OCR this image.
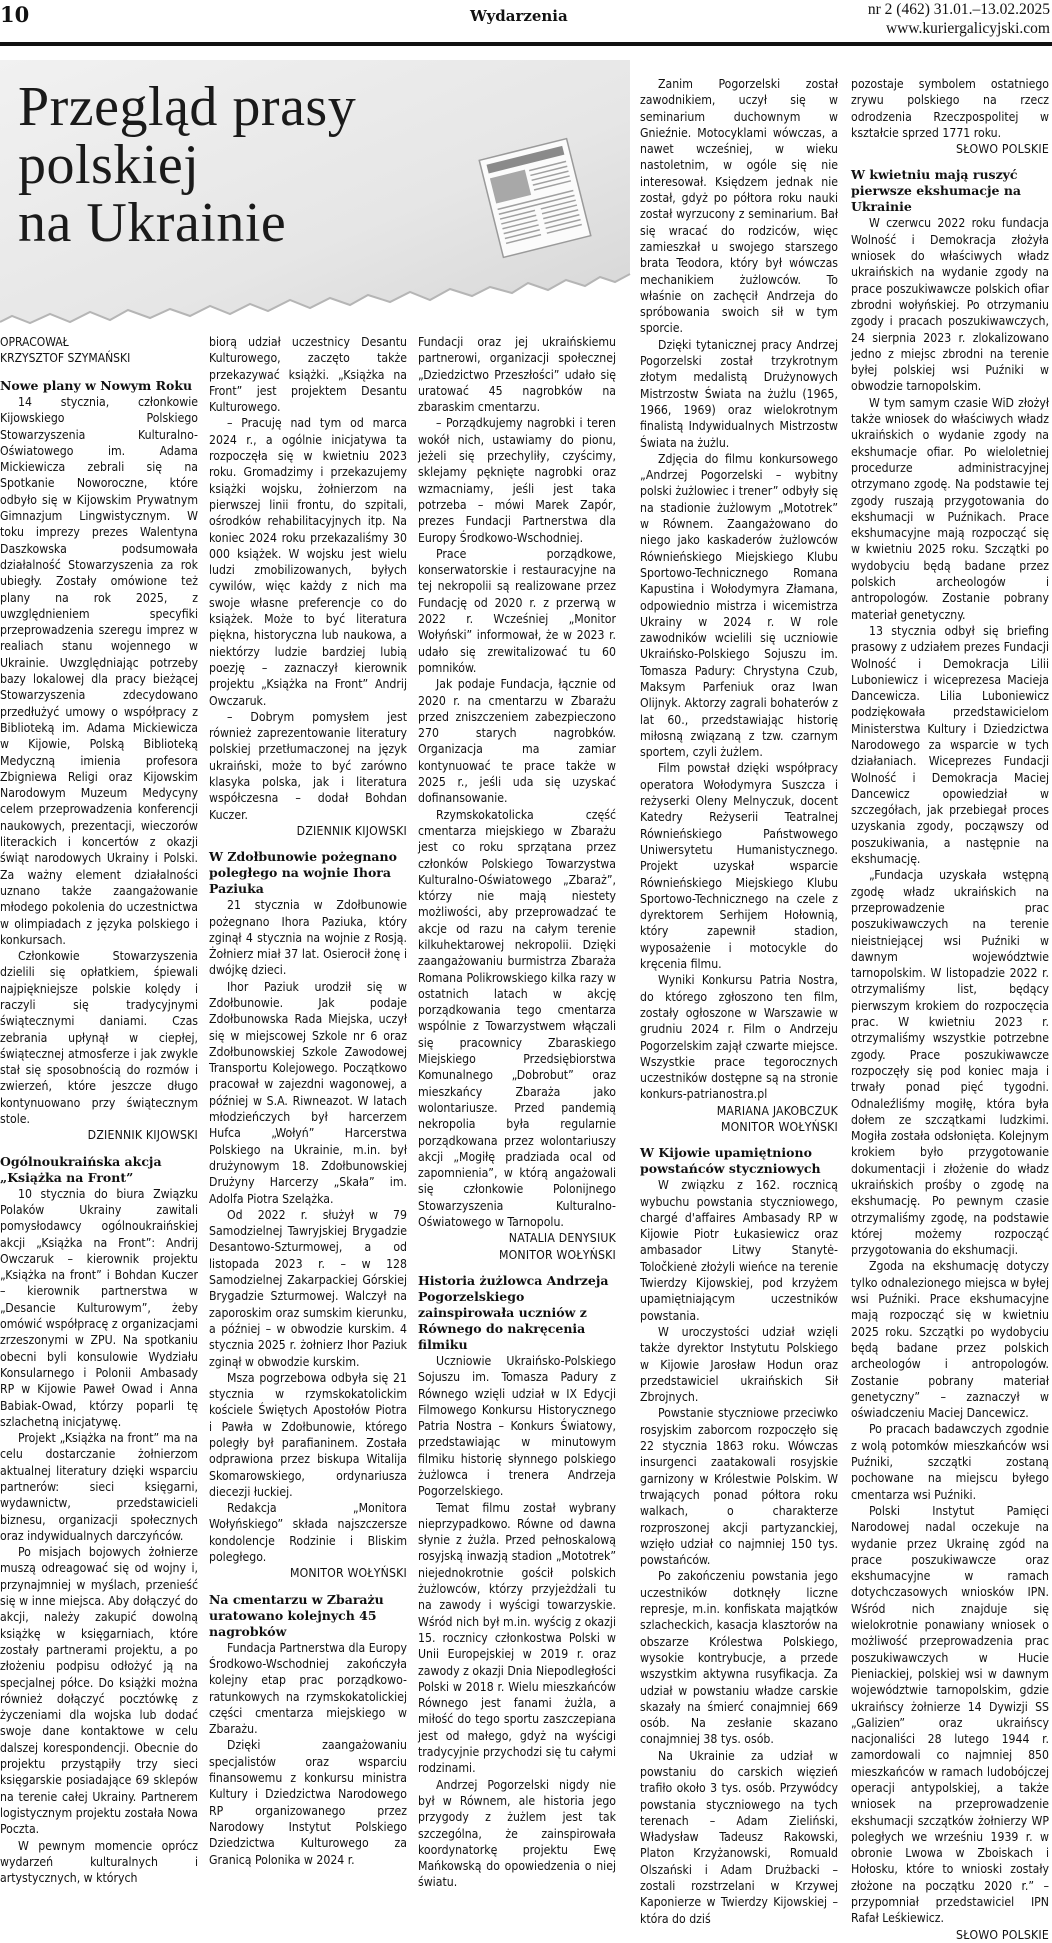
10	Wydarzenia	nr 2 (462) 31.01.–13.02.2025
www.kuriergalicyjski.com
Przegląd prasy
polskiej
na Ukrainie
OPRACOWAŁ
KRZYSZTOF SZYMAŃSKI
Nowe plany w Nowym Roku

14 stycznia, członkowie Kijowskiego Polskiego Stowarzyszenia Kulturalno-Oświatowego im. Adama Mickiewicza zebrali się na Spotkanie Noworoczne, które odbyło się w Kijowskim Prywatnym Gimnazjum Lingwistycznym. W toku imprezy prezes Walentyna Daszkowska podsumowała działalność Stowarzyszenia za rok ubiegły. Zostały omówione też plany na rok 2025, z uwzględnieniem specyfiki przeprowadzenia szeregu imprez w realiach stanu wojennego w Ukrainie. Uwzględniając potrzeby bazy lokalowej dla pracy bieżącej Stowarzyszenia zdecydowano przedłużyć umowy o współpracy z Biblioteką im. Adama Mickiewicza w Kijowie, Polską Biblioteką Medyczną imienia profesora Zbigniewa Religi oraz Kijowskim Narodowym Muzeum Medycyny celem przeprowadzenia konferencji naukowych, prezentacji, wieczorów literackich i koncertów z okazji świąt narodowych Ukrainy i Polski. Za ważny element działalności uznano także zaangażowanie młodego pokolenia do uczestnictwa w olimpiadach z języka polskiego i konkursach.

Członkowie Stowarzyszenia dzielili się opłatkiem, śpiewali najpiękniejsze polskie kolędy i raczyli się tradycyjnymi świątecznymi daniami. Czas zebrania upłynął w ciepłej, świątecznej atmosferze i jak zwykle stał się sposobnością do rozmów i zwierzeń, które jeszcze długo kontynuowano przy świątecznym stole.

DZIENNIK KIJOWSKI

Ogólnoukraińska akcja
„Książka na Front”

10 stycznia do biura Związku Polaków Ukrainy zawitali pomysłodawcy ogólnoukraińskiej akcji „Książka na Front”: Andrij Owczaruk – kierownik projektu „Książka na front” i Bohdan Kuczer – kierownik partnerstwa w „Desancie Kulturowym”, żeby omówić współpracę z organizacjami zrzeszonymi w ZPU. Na spotkaniu obecni byli konsulowie Wydziału Konsularnego i Polonii Ambasady RP w Kijowie Paweł Owad i Anna Babiak-Owad, którzy poparli tę szlachetną inicjatywę.

Projekt „Książka na front” ma na celu dostarczanie żołnierzom aktualnej literatury dzięki wsparciu partnerów: sieci księgarni, wydawnictw, przedstawicieli biznesu, organizacji społecznych oraz indywidualnych darczyńców.

Po misjach bojowych żołnierze muszą odreagować się od wojny i, przynajmniej w myślach, przenieść się w inne miejsca. Aby dołączyć do akcji, należy zakupić dowolną książkę w księgarniach, które zostały partnerami projektu, a po złożeniu podpisu odłożyć ją na specjalnej półce. Do książki można również dołączyć pocztówkę z życzeniami dla wojska lub dodać swoje dane kontaktowe w celu dalszej korespondencji. Obecnie do projektu przystąpiły trzy sieci księgarskie posiadające 69 sklepów na terenie całej Ukrainy. Partnerem logistycznym projektu została Nowa Poczta.

W pewnym momencie oprócz wydarzeń kulturalnych i artystycznych, w których

biorą udział uczestnicy Desantu Kulturowego, zaczęto także przekazywać książki. „Książka na Front” jest projektem Desantu Kulturowego.

– Pracuję nad tym od marca 2024 r., a ogólnie inicjatywa ta rozpoczęła się w kwietniu 2023 roku. Gromadzimy i przekazujemy książki wojsku, żołnierzom na pierwszej linii frontu, do szpitali, ośrodków rehabilitacyjnych itp. Na koniec 2024 roku przekazaliśmy 30 000 książek. W wojsku jest wielu ludzi zmobilizowanych, byłych cywilów, więc każdy z nich ma swoje własne preferencje co do książek. Może to być literatura piękna, historyczna lub naukowa, a niektórzy ludzie bardziej lubią poezję – zaznaczył kierownik projektu „Książka na Front” Andrij Owczaruk.

– Dobrym pomysłem jest również zaprezentowanie literatury polskiej przetłumaczonej na język ukraiński, może to być zarówno klasyka polska, jak i literatura współczesna – dodał Bohdan Kuczer.

DZIENNIK KIJOWSKI

W Zdołbunowie pożegnano poległego na wojnie Ihora Paziuka

21 stycznia w Zdołbunowie pożegnano Ihora Paziuka, który zginął 4 stycznia na wojnie z Rosją. Żołnierz miał 37 lat. Osierocił żonę i dwójkę dzieci.

Ihor Paziuk urodził się w Zdołbunowie. Jak podaje Zdołbunowska Rada Miejska, uczył się w miejscowej Szkole nr 6 oraz Zdołbunowskiej Szkole Zawodowej Transportu Kolejowego. Początkowo pracował w zajezdni wagonowej, a później w S.A. Riwneazot. W latach młodzieńczych był harcerzem Hufca „Wołyń” Harcerstwa Polskiego na Ukrainie, m.in. był drużynowym 18. Zdołbunowskiej Drużyny Harcerzy „Skała” im. Adolfa Piotra Szelążka.

Od 2022 r. służył w 79 Samodzielnej Tawryjskiej Brygadzie Desantowo-Szturmowej, a od listopada 2023 r. – w 128 Samodzielnej Zakarpackiej Górskiej Brygadzie Szturmowej. Walczył na zaporoskim oraz sumskim kierunku, a później – w obwodzie kurskim. 4 stycznia 2025 r. żołnierz Ihor Paziuk zginął w obwodzie kurskim.

Msza pogrzebowa odbyła się 21 stycznia w rzymskokatolickim kościele Świętych Apostołów Piotra i Pawła w Zdołbunowie, którego poległy był parafianinem. Została odprawiona przez biskupa Witalija Skomarowskiego, ordynariusza diecezji łuckiej.

Redakcja „Monitora Wołyńskiego” składa najszczersze kondolencje Rodzinie i Bliskim poległego.

MONITOR WOŁYŃSKI

Na cmentarzu w Zbarażu uratowano kolejnych 45 nagrobków

Fundacja Partnerstwa dla Europy Środkowo-Wschodniej zakończyła kolejny etap prac porządkowo-ratunkowych na rzymskokatolickiej części cmentarza miejskiego w Zbarażu.

Dzięki zaangażowaniu specjalistów oraz wsparciu finansowemu z konkursu ministra Kultury i Dziedzictwa Narodowego RP organizowanego przez Narodowy Instytut Polskiego Dziedzictwa Kulturowego za Granicą Polonika w 2024 r.

Fundacji oraz jej ukraińskiemu partnerowi, organizacji społecznej „Dziedzictwo Przeszłości” udało się uratować 45 nagrobków na zbaraskim cmentarzu.

– Porządkujemy nagrobki i teren wokół nich, ustawiamy do pionu, jeżeli się przechyliły, czyścimy, sklejamy pęknięte nagrobki oraz wzmacniamy, jeśli jest taka potrzeba – mówi Marek Zapór, prezes Fundacji Partnerstwa dla Europy Środkowo-Wschodniej.

Prace porządkowe, konserwatorskie i restauracyjne na tej nekropolii są realizowane przez Fundację od 2020 r. z przerwą w 2022 r. Wcześniej „Monitor Wołyński” informował, że w 2023 r. udało się zrewitalizować tu 60 pomników.

Jak podaje Fundacja, łącznie od 2020 r. na cmentarzu w Zbarażu przed zniszczeniem zabezpieczono 270 starych nagrobków. Organizacja ma zamiar kontynuować te prace także w 2025 r., jeśli uda się uzyskać dofinansowanie.

Rzymskokatolicka część cmentarza miejskiego w Zbarażu jest co roku sprzątana przez członków Polskiego Towarzystwa Kulturalno-Oświatowego „Zbaraż”, którzy nie mają niestety możliwości, aby przeprowadzać te akcje od razu na całym terenie kilkuhektarowej nekropolii. Dzięki zaangażowaniu burmistrza Zbaraża Romana Polikrowskiego kilka razy w ostatnich latach w akcję porządkowania tego cmentarza wspólnie z Towarzystwem włączali się pracownicy Zbaraskiego Miejskiego Przedsiębiorstwa Komunalnego „Dobrobut” oraz mieszkańcy Zbaraża jako wolontariusze. Przed pandemią nekropolia była regularnie porządkowana przez wolontariuszy akcji „Mogiłę pradziada ocal od zapomnienia”, w którą angażowali się członkowie Polonijnego Stowarzyszenia Kulturalno-Oświatowego w Tarnopolu.

NATALIA DENYSIUK

MONITOR WOŁYŃSKI

Historia żużlowca Andrzeja Pogorzelskiego zainspirowała uczniów z Równego do nakręcenia filmiku

Uczniowie Ukraińsko-Polskiego Sojuszu im. Tomasza Padury z Równego wzięli udział w IX Edycji Filmowego Konkursu Historycznego Patria Nostra – Konkurs Światowy, przedstawiając w minutowym filmiku historię słynnego polskiego żużlowca i trenera Andrzeja Pogorzelskiego.

Temat filmu został wybrany nieprzypadkowo. Równe od dawna słynie z żużla. Przed pełnoskalową rosyjską inwazją stadion „Mototrek” niejednokrotnie gościł polskich żużlowców, którzy przyjeżdżali tu na zawody i wyścigi towarzyskie. Wśród nich był m.in. wyścig z okazji 15. rocznicy członkostwa Polski w Unii Europejskiej w 2019 r. oraz zawody z okazji Dnia Niepodległości Polski w 2018 r. Wielu mieszkańców Równego jest fanami żużla, a miłość do tego sportu zaszczepiana jest od małego, gdyż na wyścigi tradycyjnie przychodzi się tu całymi rodzinami.

Andrzej Pogorzelski nigdy nie był w Równem, ale historia jego przygody z żużlem jest tak szczególna, że zainspirowała koordynatorkę projektu Ewę Mańkowską do opowiedzenia o niej światu.

Zanim Pogorzelski został zawodnikiem, uczył się w seminarium duchownym w Gnieźnie. Motocyklami wówczas, a nawet wcześniej, w wieku nastoletnim, w ogóle się nie interesował. Księdzem jednak nie został, gdyż po półtora roku nauki został wyrzucony z seminarium. Bał się wracać do rodziców, więc zamieszkał u swojego starszego brata Teodora, który był wówczas mechanikiem żużlowców. To właśnie on zachęcił Andrzeja do spróbowania swoich sił w tym sporcie.

Dzięki tytanicznej pracy Andrzej Pogorzelski został trzykrotnym złotym medalistą Drużynowych Mistrzostw Świata na żużlu (1965, 1966, 1969) oraz wielokrotnym finalistą Indywidualnych Mistrzostw Świata na żużlu.

Zdjęcia do filmu konkursowego „Andrzej Pogorzelski – wybitny polski żużlowiec i trener” odbyły się na stadionie żużlowym „Mototrek” w Równem. Zaangażowano do niego jako kaskaderów żużlowców Równieńskiego Miejskiego Klubu Sportowo-Technicznego Romana Kapustina i Wołodymyra Złamana, odpowiednio mistrza i wicemistrza Ukrainy w 2024 r. W role zawodników wcielili się uczniowie Ukraińsko-Polskiego Sojuszu im. Tomasza Padury: Chrystyna Czub, Maksym Parfeniuk oraz Iwan Olijnyk. Aktorzy zagrali bohaterów z lat 60., przedstawiając historię miłosną związaną z tzw. czarnym sportem, czyli żużlem.

Film powstał dzięki współpracy operatora Wołodymyra Suszcza i reżyserki Oleny Melnyczuk, docent Katedry Reżyserii Teatralnej Równieńskiego Państwowego Uniwersytetu Humanistycznego. Projekt uzyskał wsparcie Równieńskiego Miejskiego Klubu Sportowo-Technicznego na czele z dyrektorem Serhijem Hołownią, który zapewnił stadion, wyposażenie i motocykle do kręcenia filmu.

Wyniki Konkursu Patria Nostra, do którego zgłoszono ten film, zostały ogłoszone w Warszawie w grudniu 2024 r. Film o Andrzeju Pogorzelskim zajął czwarte miejsce. Wszystkie prace tegorocznych uczestników dostępne są na stronie konkurs-patrianostra.pl

MARIANA JAKOBCZUK

MONITOR WOŁYŃSKI

W Kijowie upamiętniono powstańców styczniowych

W związku z 162. rocznicą wybuchu powstania styczniowego, chargé d'affaires Ambasady RP w Kijowie Piotr Łukasiewicz oraz ambasador Litwy Stanytė-Toločkienė złożyli wieńce na terenie Twierdzy Kijowskiej, pod krzyżem upamiętniającym uczestników powstania.

W uroczystości udział wzięli także dyrektor Instytutu Polskiego w Kijowie Jarosław Hodun oraz przedstawiciel ukraińskich Sił Zbrojnych.

Powstanie styczniowe przeciwko rosyjskim zaborcom rozpoczęło się 22 stycznia 1863 roku. Wówczas insurgenci zaatakowali rosyjskie garnizony w Królestwie Polskim. W trwających ponad półtora roku walkach, o charakterze rozproszonej akcji partyzanckiej, wzięło udział co najmniej 150 tys. powstańców.

Po zakończeniu powstania jego uczestników dotknęły liczne represje, m.in. konfiskata majątków szlacheckich, kasacja klasztorów na obszarze Królestwa Polskiego, wysokie kontrybucje, a przede wszystkim aktywna rusyfikacja. Za udział w powstaniu władze carskie skazały na śmierć conajmniej 669 osób. Na zesłanie skazano conajmniej 38 tys. osób.

Na Ukrainie za udział w powstaniu do carskich więzień trafiło około 3 tys. osób. Przywódcy powstania styczniowego na tych terenach – Adam Zieliński, Władysław Tadeusz Rakowski, Platon Krzyżanowski, Romuald Olszański i Adam Drużbacki – zostali rozstrzelani w Krzywej Kaponierze w Twierdzy Kijowskiej – która do dziś

pozostaje symbolem ostatniego zrywu polskiego na rzecz odrodzenia Rzeczpospolitej w kształcie sprzed 1771 roku.

SŁOWO POLSKIE

W kwietniu mają ruszyć pierwsze ekshumacje na Ukrainie

W czerwcu 2022 roku fundacja Wolność i Demokracja złożyła wniosek do właściwych władz ukraińskich na wydanie zgody na prace poszukiwawcze polskich ofiar zbrodni wołyńskiej. Po otrzymaniu zgody i pracach poszukiwawczych, 24 sierpnia 2023 r. zlokalizowano jedno z miejsc zbrodni na terenie byłej polskiej wsi Puźniki w obwodzie tarnopolskim.

W tym samym czasie WiD złożył także wniosek do właściwych władz ukraińskich o wydanie zgody na ekshumacje ofiar. Po wieloletniej procedurze administracyjnej otrzymano zgodę. Na podstawie tej zgody ruszają przygotowania do ekshumacji w Puźnikach. Prace ekshumacyjne mają rozpocząć się w kwietniu 2025 roku. Szczątki po wydobyciu będą badane przez polskich archeologów i antropologów. Zostanie pobrany materiał genetyczny.

13 stycznia odbył się briefing prasowy z udziałem prezes Fundacji Wolność i Demokracja Lilii Luboniewicz i wiceprezesa Macieja Dancewicza. Lilia Luboniewicz podziękowała przedstawicielom Ministerstwa Kultury i Dziedzictwa Narodowego za wsparcie w tych działaniach. Wiceprezes Fundacji Wolność i Demokracja Maciej Dancewicz opowiedział w szczegółach, jak przebiegał proces uzyskania zgody, począwszy od poszukiwania, a następnie na ekshumację.

„Fundacja uzyskała wstępną zgodę władz ukraińskich na przeprowadzenie prac poszukiwawczych na terenie nieistniejącej wsi Puźniki w dawnym województwie tarnopolskim. W listopadzie 2022 r. otrzymaliśmy list, będący pierwszym krokiem do rozpoczęcia prac. W kwietniu 2023 r. otrzymaliśmy wszystkie potrzebne zgody. Prace poszukiwawcze rozpoczęły się pod koniec maja i trwały ponad pięć tygodni. Odnaleźliśmy mogiłę, która była dołem ze szczątkami ludzkimi. Mogiła została odsłonięta. Kolejnym krokiem było przygotowanie dokumentacji i złożenie do władz ukraińskich prośby o zgodę na ekshumację. Po pewnym czasie otrzymaliśmy zgodę, na podstawie której możemy rozpocząć przygotowania do ekshumacji.

Zgoda na ekshumację dotyczy tylko odnalezionego miejsca w byłej wsi Puźniki. Prace ekshumacyjne mają rozpocząć się w kwietniu 2025 roku. Szczątki po wydobyciu będą badane przez polskich archeologów i antropologów. Zostanie pobrany materiał genetyczny” – zaznaczył w oświadczeniu Maciej Dancewicz.

Po pracach badawczych zgodnie z wolą potomków mieszkańców wsi Puźniki, szczątki zostaną pochowane na miejscu byłego cmentarza wsi Puźniki.

Polski Instytut Pamięci Narodowej nadal oczekuje na wydanie przez Ukrainę zgód na prace poszukiwawcze oraz ekshumacyjne w ramach dotychczasowych wniosków IPN. Wśród nich znajduje się wielokrotnie ponawiany wniosek o możliwość przeprowadzenia prac poszukiwawczych w Hucie Pieniackiej, polskiej wsi w dawnym województwie tarnopolskim, gdzie ukraińscy żołnierze 14 Dywizji SS „Galizien” oraz ukraińscy nacjonaliści 28 lutego 1944 r. zamordowali co najmniej 850 mieszkańców w ramach ludobójczej operacji antypolskiej, a także wniosek na przeprowadzenie ekshumacji szczątków żołnierzy WP poległych we wrześniu 1939 r. w obronie Lwowa w Zboiskach i Hołosku, które to wnioski zostały złożone na początku 2020 r.” – przypomniał przedstawiciel IPN Rafał Leśkiewicz.

SŁOWO POLSKIE
